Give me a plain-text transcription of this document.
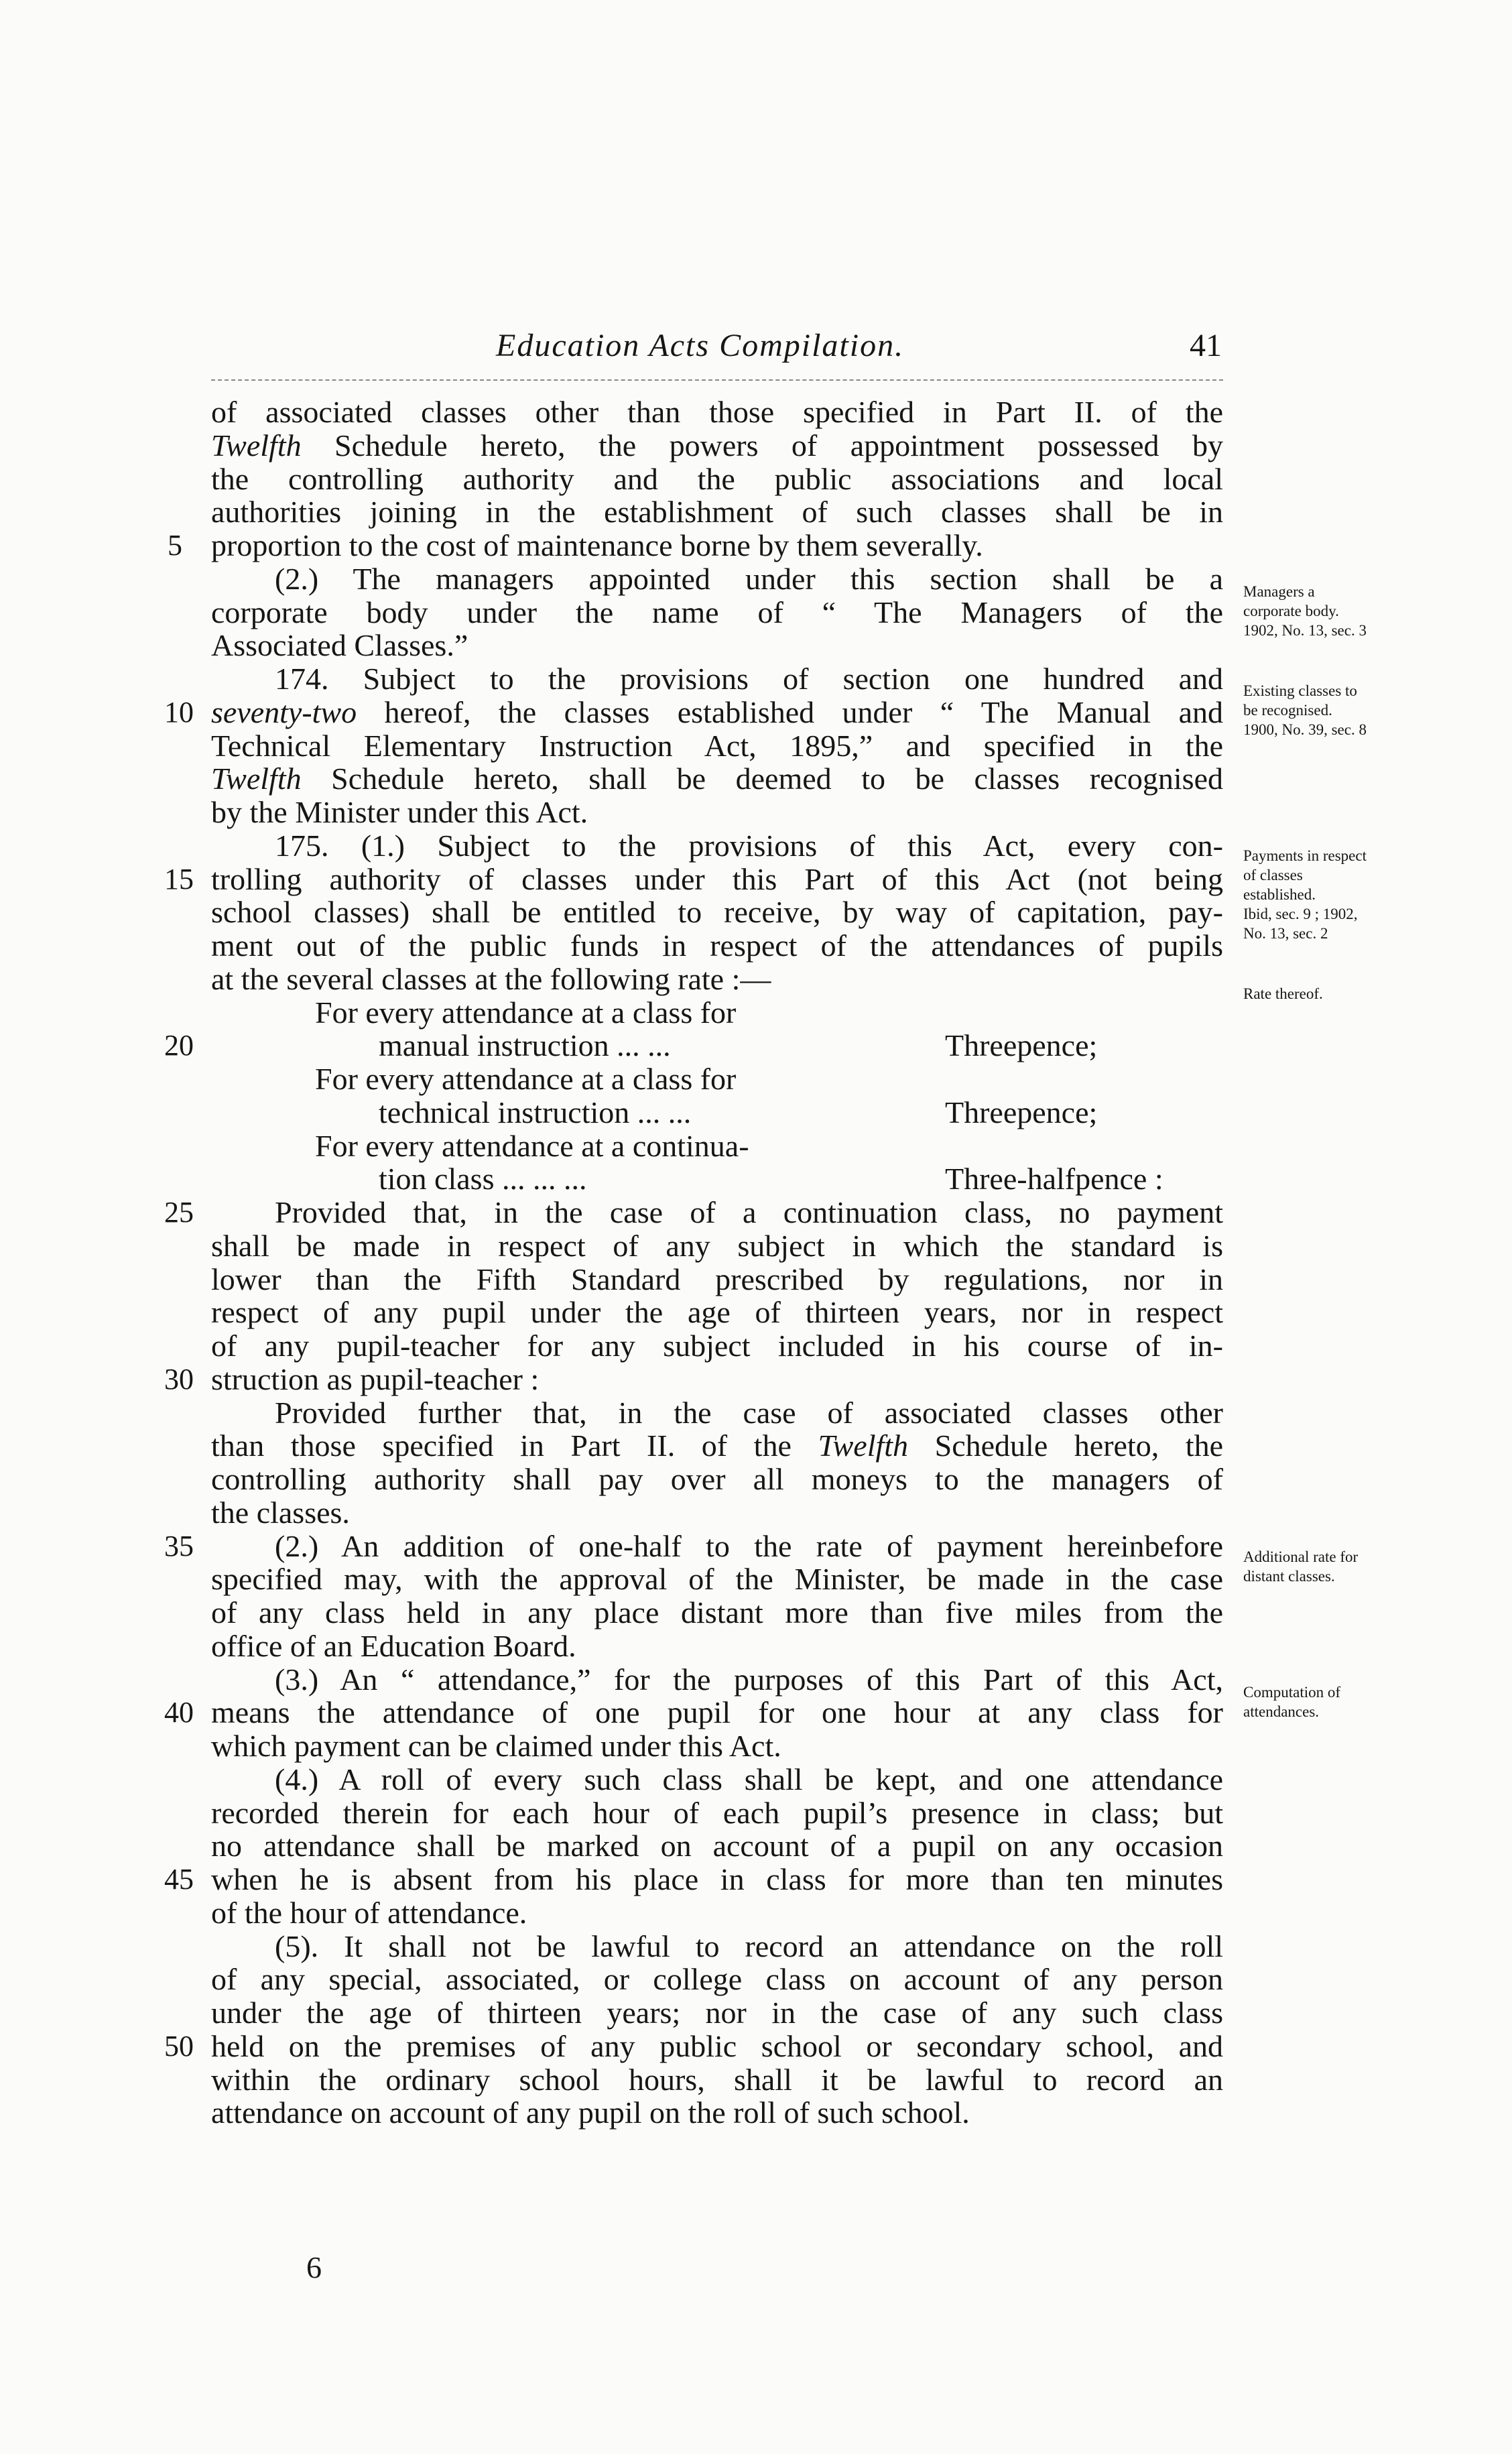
Education Acts Compilation.	41
of associated classes other than those specified in Part II. of the
Twelfth Schedule hereto, the powers of appointment possessed by
the controlling authority and the public associations and local
authorities joining in the establishment of such classes shall be in
proportion to the cost of maintenance borne by them severally.
(2.) The managers appointed under this section shall be a
corporate body under the name of “ The Managers of the
Associated Classes.”
174. Subject to the provisions of section one hundred and
seventy-two hereof, the classes established under “ The Manual and
Technical Elementary Instruction Act, 1895,” and specified in the
Twelfth Schedule hereto, shall be deemed to be classes recognised
by the Minister under this Act.
175. (1.) Subject to the provisions of this Act, every con-
trolling authority of classes under this Part of this Act (not being
school classes) shall be entitled to receive, by way of capitation, pay-
ment out of the public funds in respect of the attendances of pupils
at the several classes at the following rate :—
For every attendance at a class for
Threepence;
manual instruction ... ...
For every attendance at a class for
Threepence;
technical instruction ... ...
For every attendance at a continua-
Three-halfpence :
tion class ... ... ...
Provided that, in the case of a continuation class, no payment
shall be made in respect of any subject in which the standard is
lower than the Fifth Standard prescribed by regulations, nor in
respect of any pupil under the age of thirteen years, nor in respect
of any pupil-teacher for any subject included in his course of in-
struction as pupil-teacher :
Provided further that, in the case of associated classes other
than those specified in Part II. of the Twelfth Schedule hereto, the
controlling authority shall pay over all moneys to the managers of
the classes.
(2.) An addition of one-half to the rate of payment hereinbefore
specified may, with the approval of the Minister, be made in the case
of any class held in any place distant more than five miles from the
office of an Education Board.
(3.) An “ attendance,” for the purposes of this Part of this Act,
means the attendance of one pupil for one hour at any class for
which payment can be claimed under this Act.
(4.) A roll of every such class shall be kept, and one attendance
recorded therein for each hour of each pupil’s presence in class; but
no attendance shall be marked on account of a pupil on any occasion
when he is absent from his place in class for more than ten minutes
of the hour of attendance.
(5). It shall not be lawful to record an attendance on the roll
of any special, associated, or college class on account of any person
under the age of thirteen years; nor in the case of any such class
held on the premises of any public school or secondary school, and
within the ordinary school hours, shall it be lawful to record an
attendance on account of any pupil on the roll of such school.
5
10
15
20
25
30
35
40
45
50
Managers a
corporate body.
1902, No. 13, sec. 3
Existing classes to
be recognised.
1900, No. 39, sec. 8
Payments in respect
of classes
established.
Ibid, sec. 9 ; 1902,
No. 13, sec. 2
Rate thereof.
Additional rate for
distant classes.
Computation of
attendances.
6
